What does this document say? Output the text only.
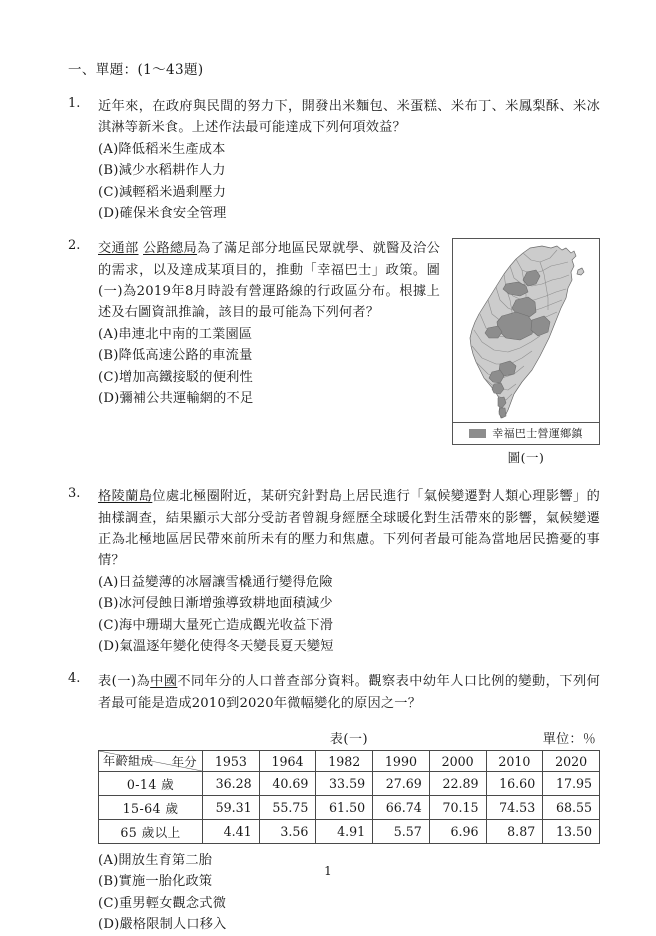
一、單題：(1～43題)
1.	近年來，在政府與民間的努力下，開發出米麵包、米蛋糕、米布丁、米鳳梨酥、米冰淇淋等新米食。上述作法最可能達成下列何項效益？

(A)降低稻米生產成本
(B)減少水稻耕作人力
(C)減輕稻米過剩壓力
(D)確保米食安全管理
2.
幸福巴士營運鄉鎮
圖(一)

交通部 公路總局為了滿足部分地區民眾就學、就醫及洽公的需求，以及達成某項目的，推動「幸福巴士」政策。圖(一)為2019年8月時設有營運路線的行政區分布。根據上述及右圖資訊推論，該目的最可能為下列何者？

(A)串連北中南的工業園區
(B)降低高速公路的車流量
(C)增加高鐵接駁的便利性
(D)彌補公共運輸網的不足
3.	格陵蘭島位處北極圈附近，某研究針對島上居民進行「氣候變遷對人類心理影響」的抽樣調查，結果顯示大部分受訪者曾親身經歷全球暖化對生活帶來的影響，氣候變遷正為北極地區居民帶來前所未有的壓力和焦慮。下列何者最可能為當地居民擔憂的事情？

(A)日益變薄的冰層讓雪橇通行變得危險
(B)冰河侵蝕日漸增強導致耕地面積減少
(C)海中珊瑚大量死亡造成觀光收益下滑
(D)氣溫逐年變化使得冬天變長夏天變短
4.	表(一)為中國不同年分的人口普查部分資料。觀察表中幼年人口比例的變動，下列何者最可能是造成2010到2020年微幅變化的原因之一？

表(一)	單位：％
年分
年齡組成	1953	1964	1982	1990	2000	2010	2020
0-14 歲	36.28	40.69	33.59	27.69	22.89	16.60	17.95
15-64 歲	59.31	55.75	61.50	66.74	70.15	74.53	68.55
65 歲以上	4.41	3.56	4.91	5.57	6.96	8.87	13.50
(A)開放生育第二胎
(B)實施一胎化政策
(C)重男輕女觀念式微
(D)嚴格限制人口移入
1
